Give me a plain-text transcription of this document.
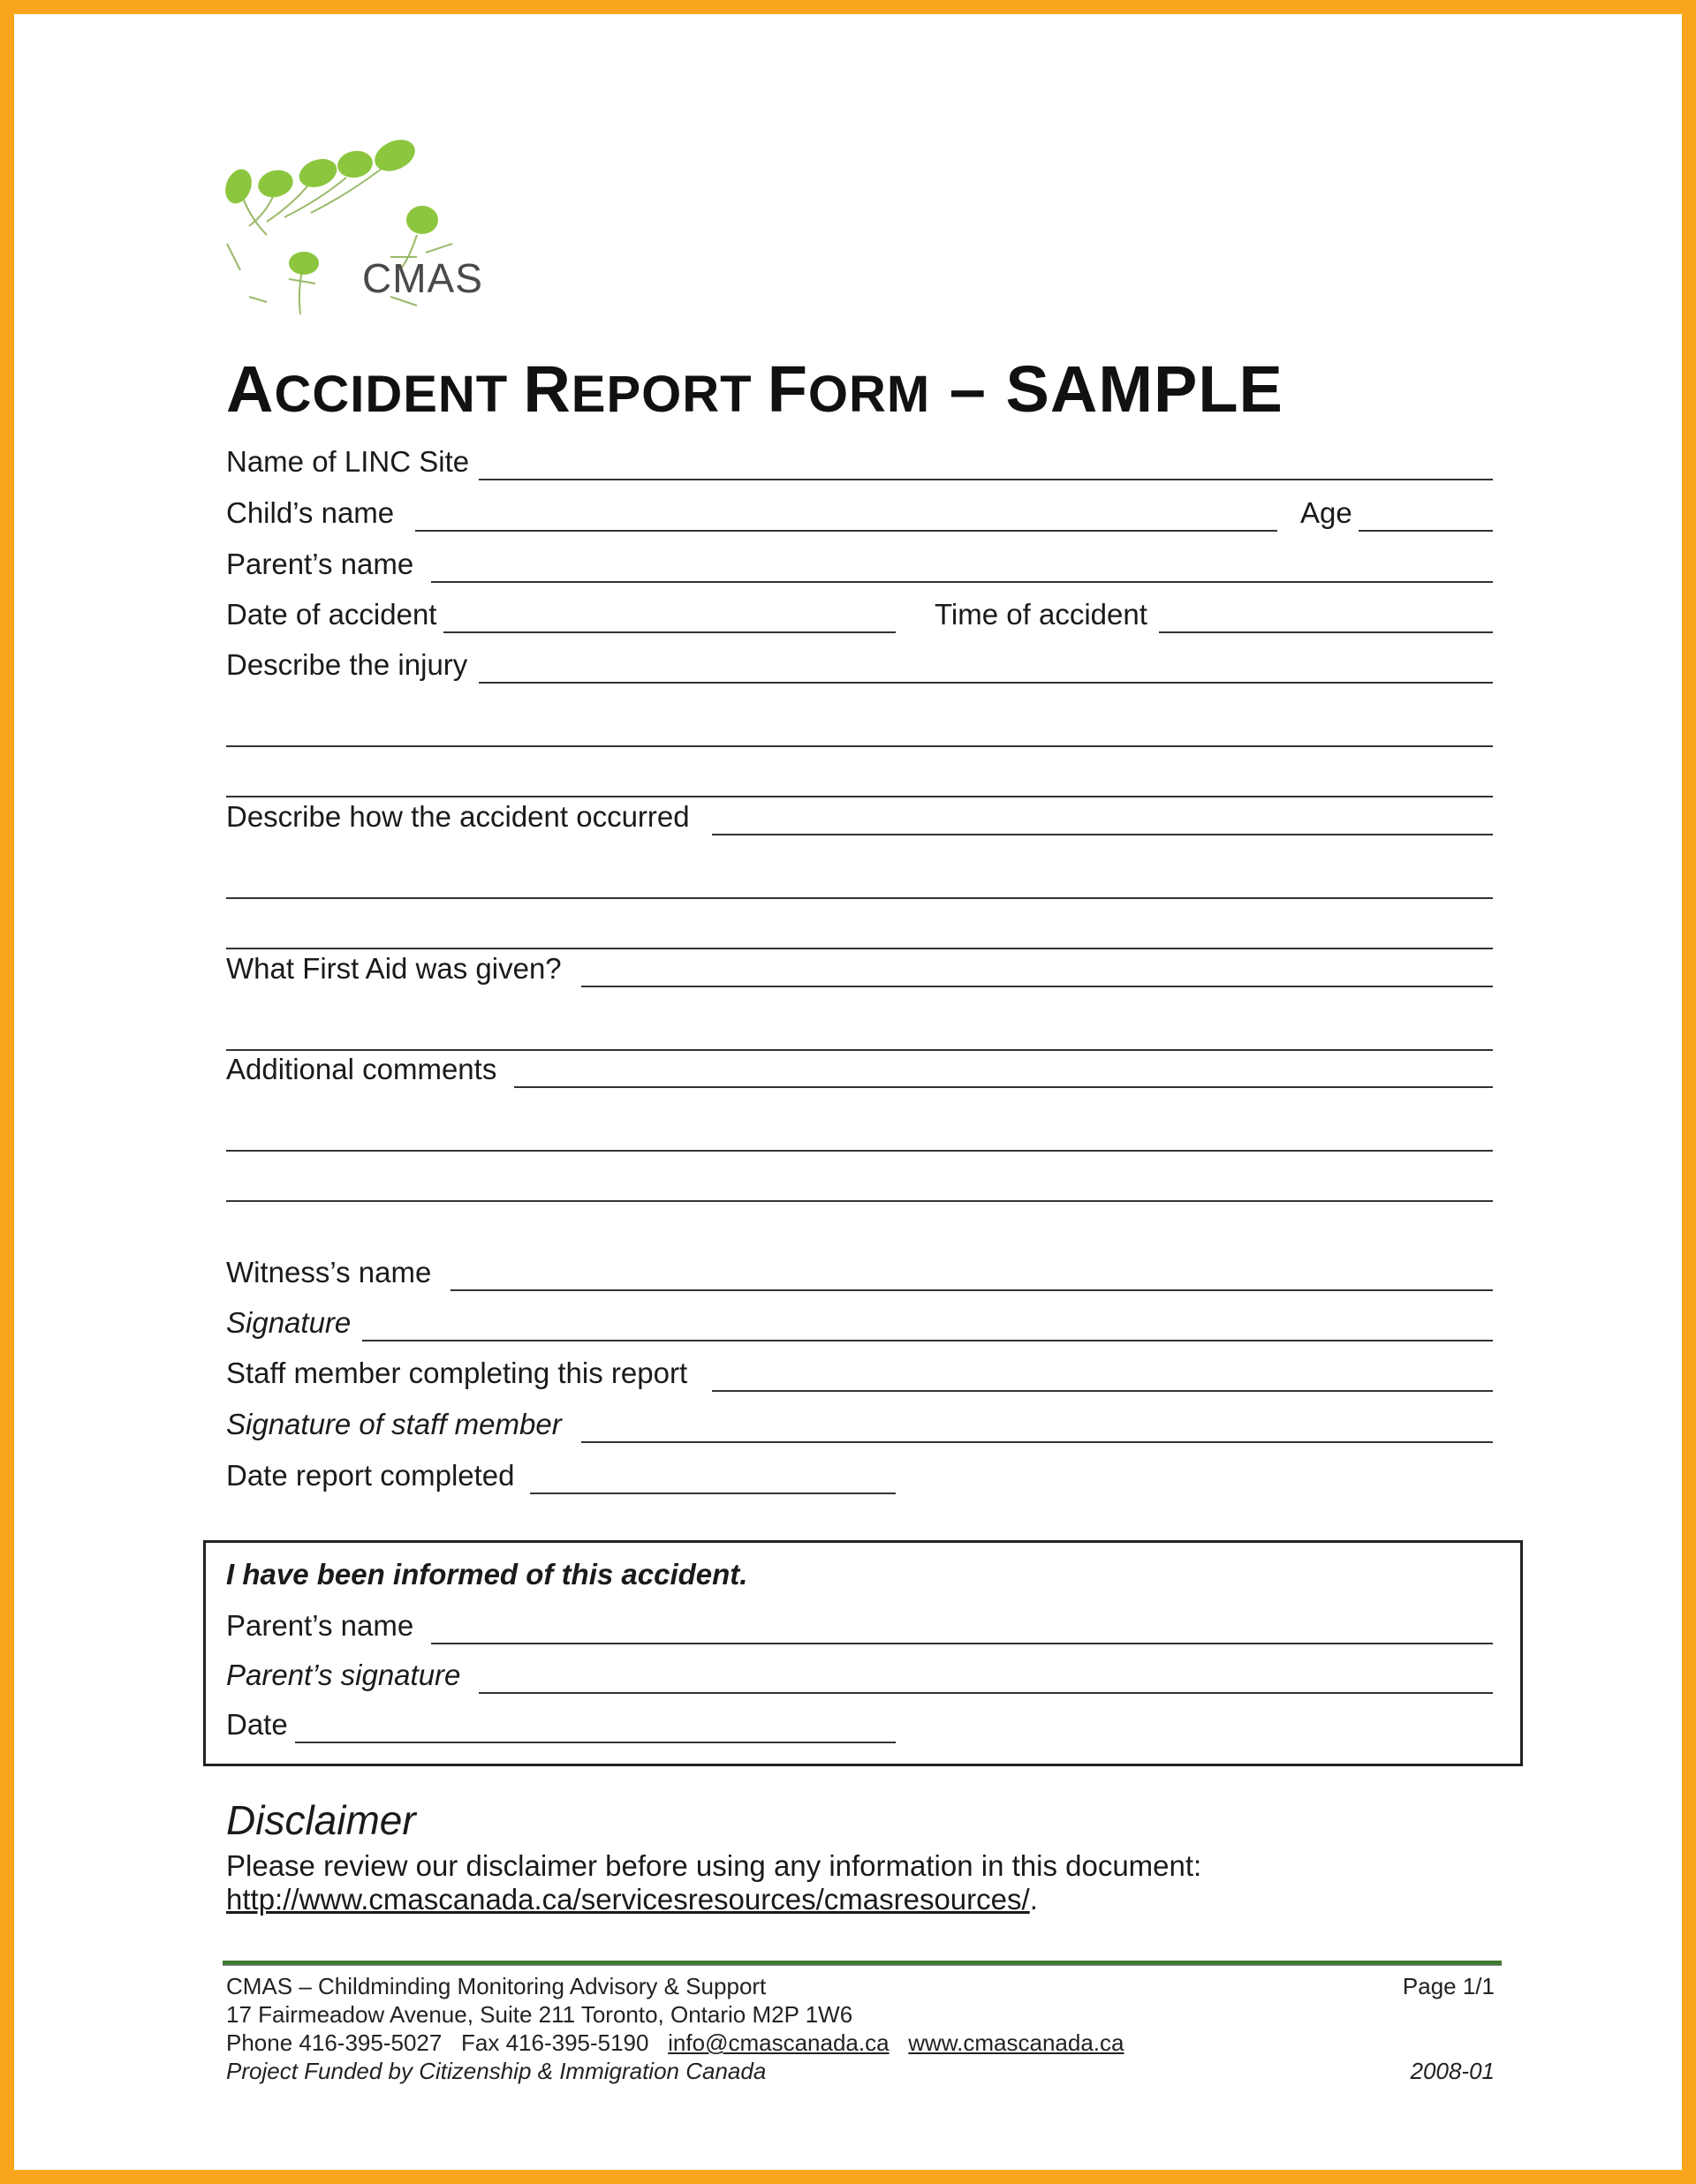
CMAS
ACCIDENT REPORT FORM – SAMPLE
Name of LINC Site
Child’s name	Age
Parent’s name
Date of accident	Time of accident
Describe the injury
Describe how the accident occurred
What First Aid was given?
Additional comments
Witness’s name
Signature
Staff member completing this report
Signature of staff member
Date report completed
I have been informed of this accident.
Parent’s name
Parent’s signature
Date
Disclaimer
Please review our disclaimer before using any information in this document:
http://www.cmascanada.ca/servicesresources/cmasresources/.
CMAS – Childminding Monitoring Advisory & Support	Page 1/1
17 Fairmeadow Avenue, Suite 211 Toronto, Ontario M2P 1W6
Phone 416-395-5027 Fax 416-395-5190 info@cmascanada.ca www.cmascanada.ca
Project Funded by Citizenship & Immigration Canada	2008-01
